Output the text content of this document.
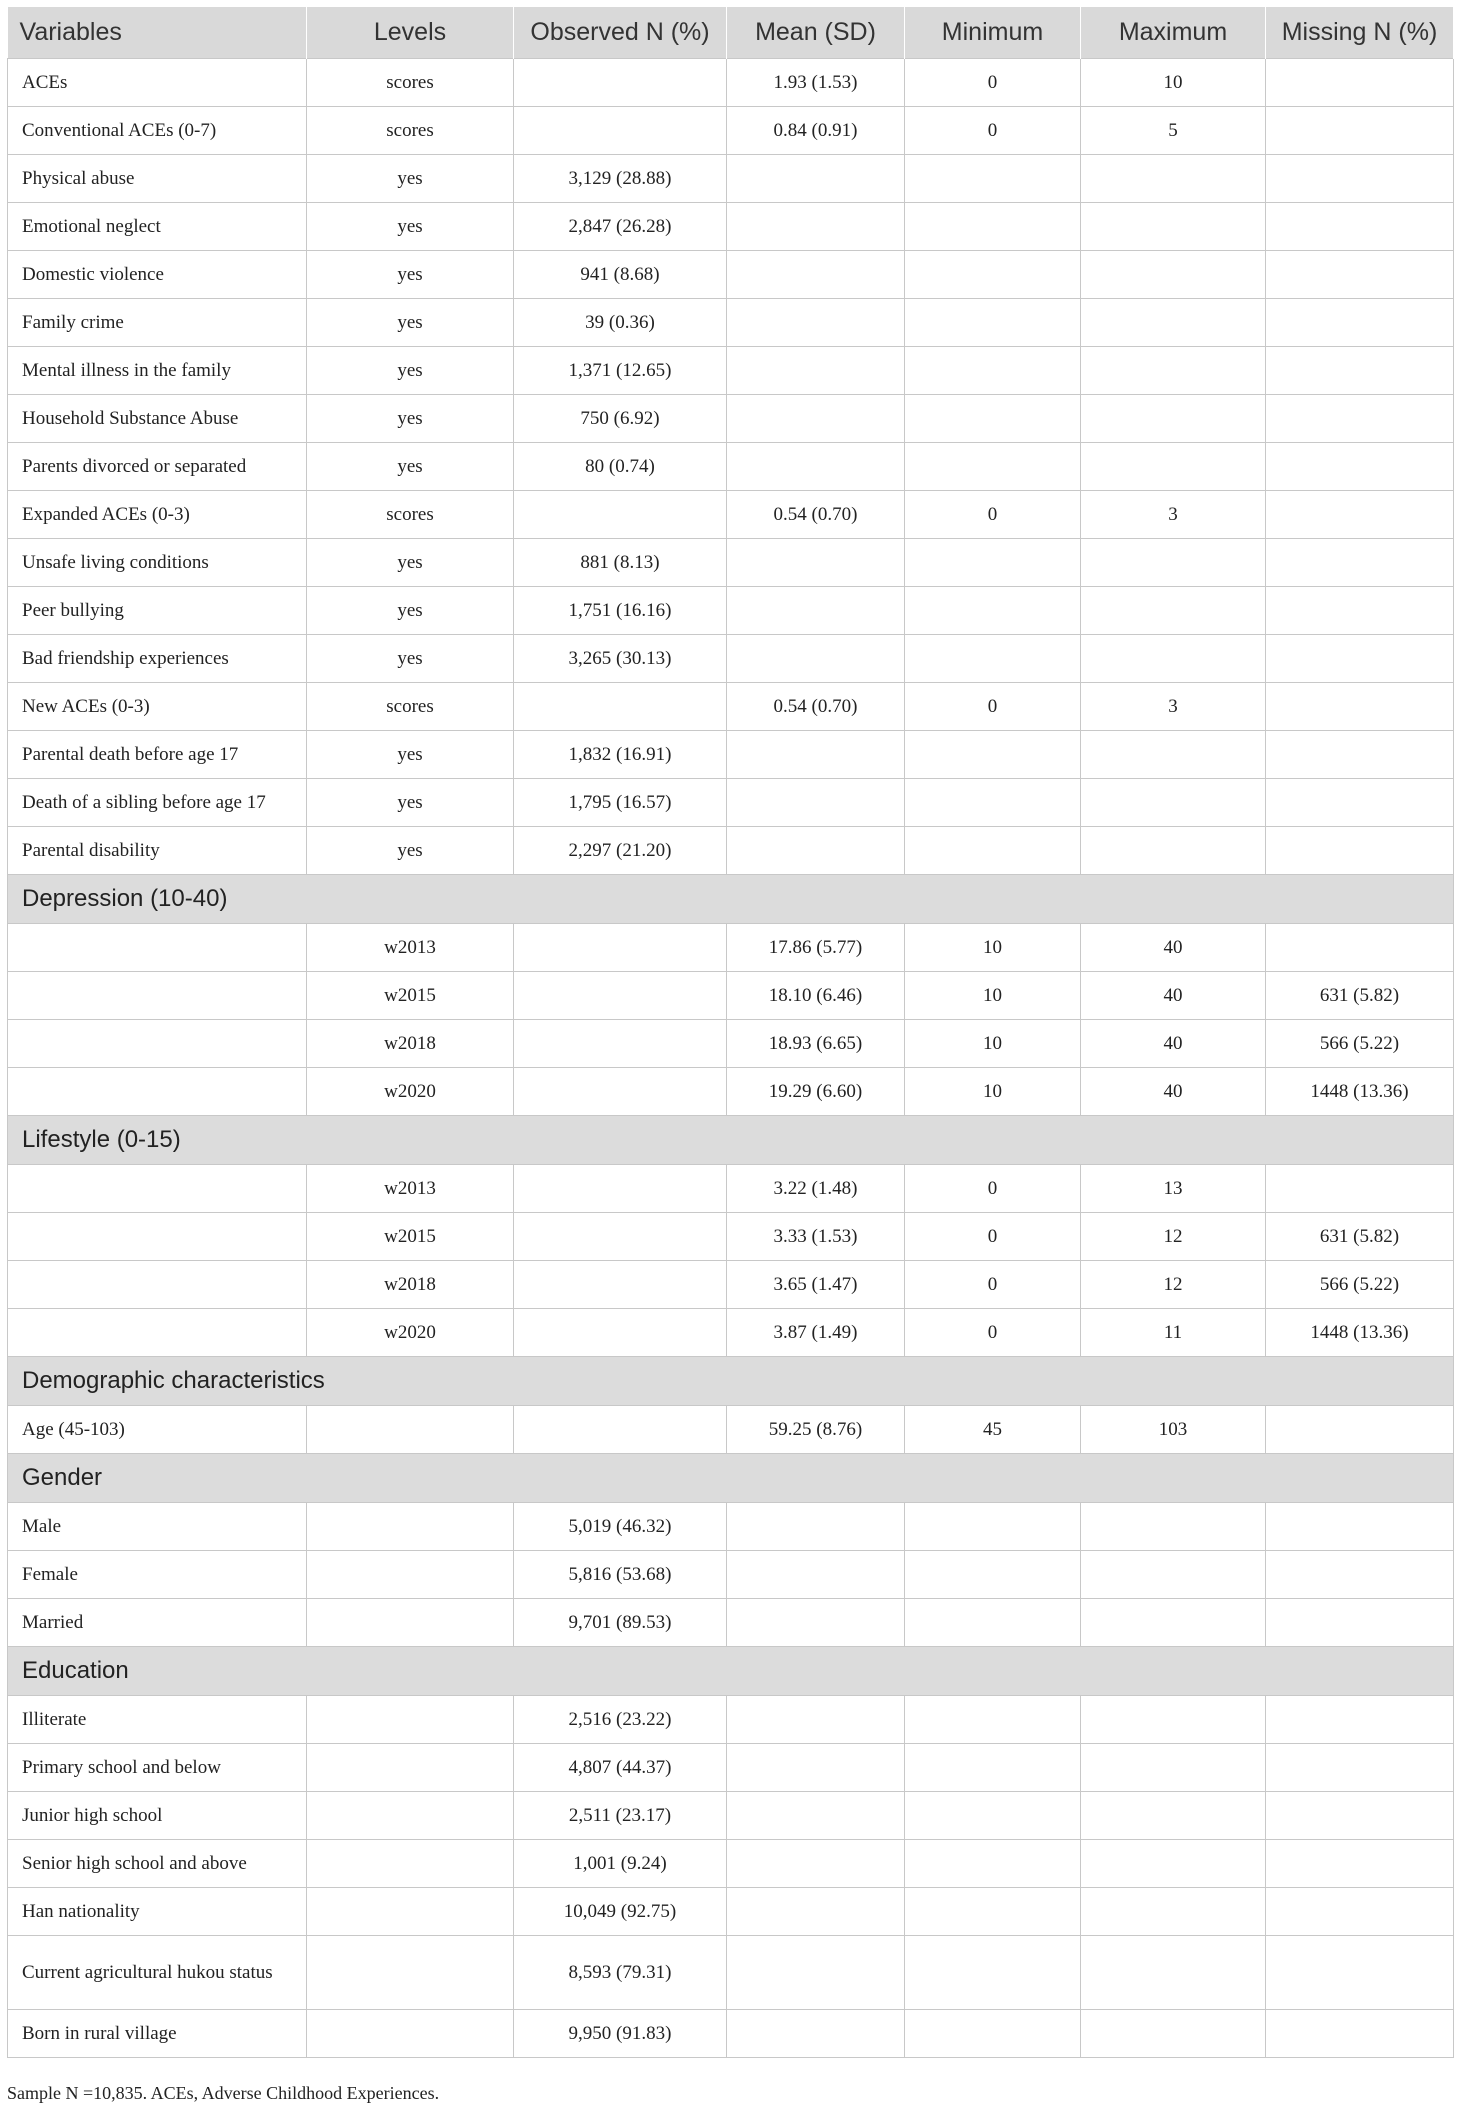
Variables	Levels	Observed N (%)	Mean (SD)	Minimum	Maximum	Missing N (%)
ACEs	scores		1.93 (1.53)	0	10	
Conventional ACEs (0-7)	scores		0.84 (0.91)	0	5	
Physical abuse	yes	3,129 (28.88)				
Emotional neglect	yes	2,847 (26.28)				
Domestic violence	yes	941 (8.68)				
Family crime	yes	39 (0.36)				
Mental illness in the family	yes	1,371 (12.65)				
Household Substance Abuse	yes	750 (6.92)				
Parents divorced or separated	yes	80 (0.74)				
Expanded ACEs (0-3)	scores		0.54 (0.70)	0	3	
Unsafe living conditions	yes	881 (8.13)				
Peer bullying	yes	1,751 (16.16)				
Bad friendship experiences	yes	3,265 (30.13)				
New ACEs (0-3)	scores		0.54 (0.70)	0	3	
Parental death before age 17	yes	1,832 (16.91)				
Death of a sibling before age 17	yes	1,795 (16.57)				
Parental disability	yes	2,297 (21.20)				
Depression (10-40)						
	w2013		17.86 (5.77)	10	40	
	w2015		18.10 (6.46)	10	40	631 (5.82)
	w2018		18.93 (6.65)	10	40	566 (5.22)
	w2020		19.29 (6.60)	10	40	1448 (13.36)
Lifestyle (0-15)						
	w2013		3.22 (1.48)	0	13	
	w2015		3.33 (1.53)	0	12	631 (5.82)
	w2018		3.65 (1.47)	0	12	566 (5.22)
	w2020		3.87 (1.49)	0	11	1448 (13.36)
Demographic characteristics						
Age (45-103)			59.25 (8.76)	45	103	
Gender						
Male		5,019 (46.32)				
Female		5,816 (53.68)				
Married		9,701 (89.53)				
Education						
Illiterate		2,516 (23.22)				
Primary school and below		4,807 (44.37)				
Junior high school		2,511 (23.17)				
Senior high school and above		1,001 (9.24)				
Han nationality		10,049 (92.75)				
Current agricultural hukou status		8,593 (79.31)				
Born in rural village		9,950 (91.83)				
Sample N =10,835. ACEs, Adverse Childhood Experiences.
